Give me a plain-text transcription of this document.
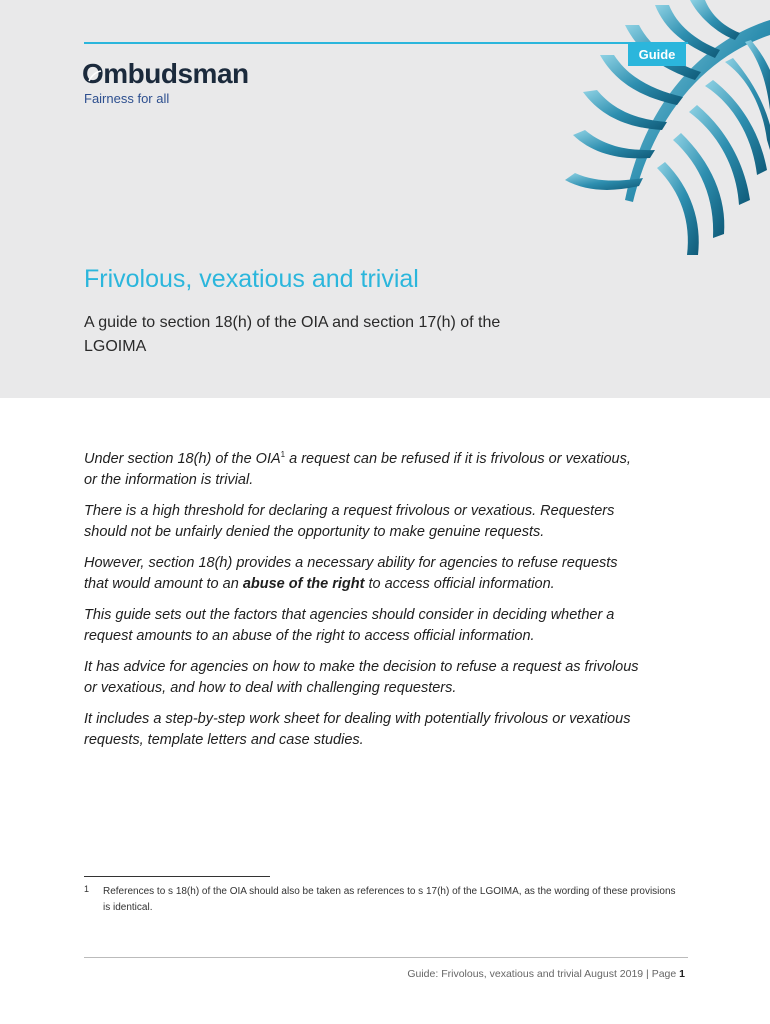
Guide
O
mbudsman
Fairness for all
Frivolous, vexatious and trivial

A guide to section 18(h) of the OIA and section 17(h) of the LGOIMA

Under section 18(h) of the OIA$^1$ a request can be refused if it is frivolous or vexatious, or the information is trivial.

There is a high threshold for declaring a request frivolous or vexatious. Requesters should not be unfairly denied the opportunity to make genuine requests.

However, section 18(h) provides a necessary ability for agencies to refuse requests that would amount to an abuse of the right to access official information.

This guide sets out the factors that agencies should consider in deciding whether a request amounts to an abuse of the right to access official information.

It has advice for agencies on how to make the decision to refuse a request as frivolous or vexatious, and how to deal with challenging requesters.

It includes a step-by-step work sheet for dealing with potentially frivolous or vexatious requests, template letters and case studies.

1 References to s 18(h) of the OIA should also be taken as references to s 17(h) of the LGOIMA, as the wording of these provisions is identical.
Guide: Frivolous, vexatious and trivial August 2019 | Page 1
